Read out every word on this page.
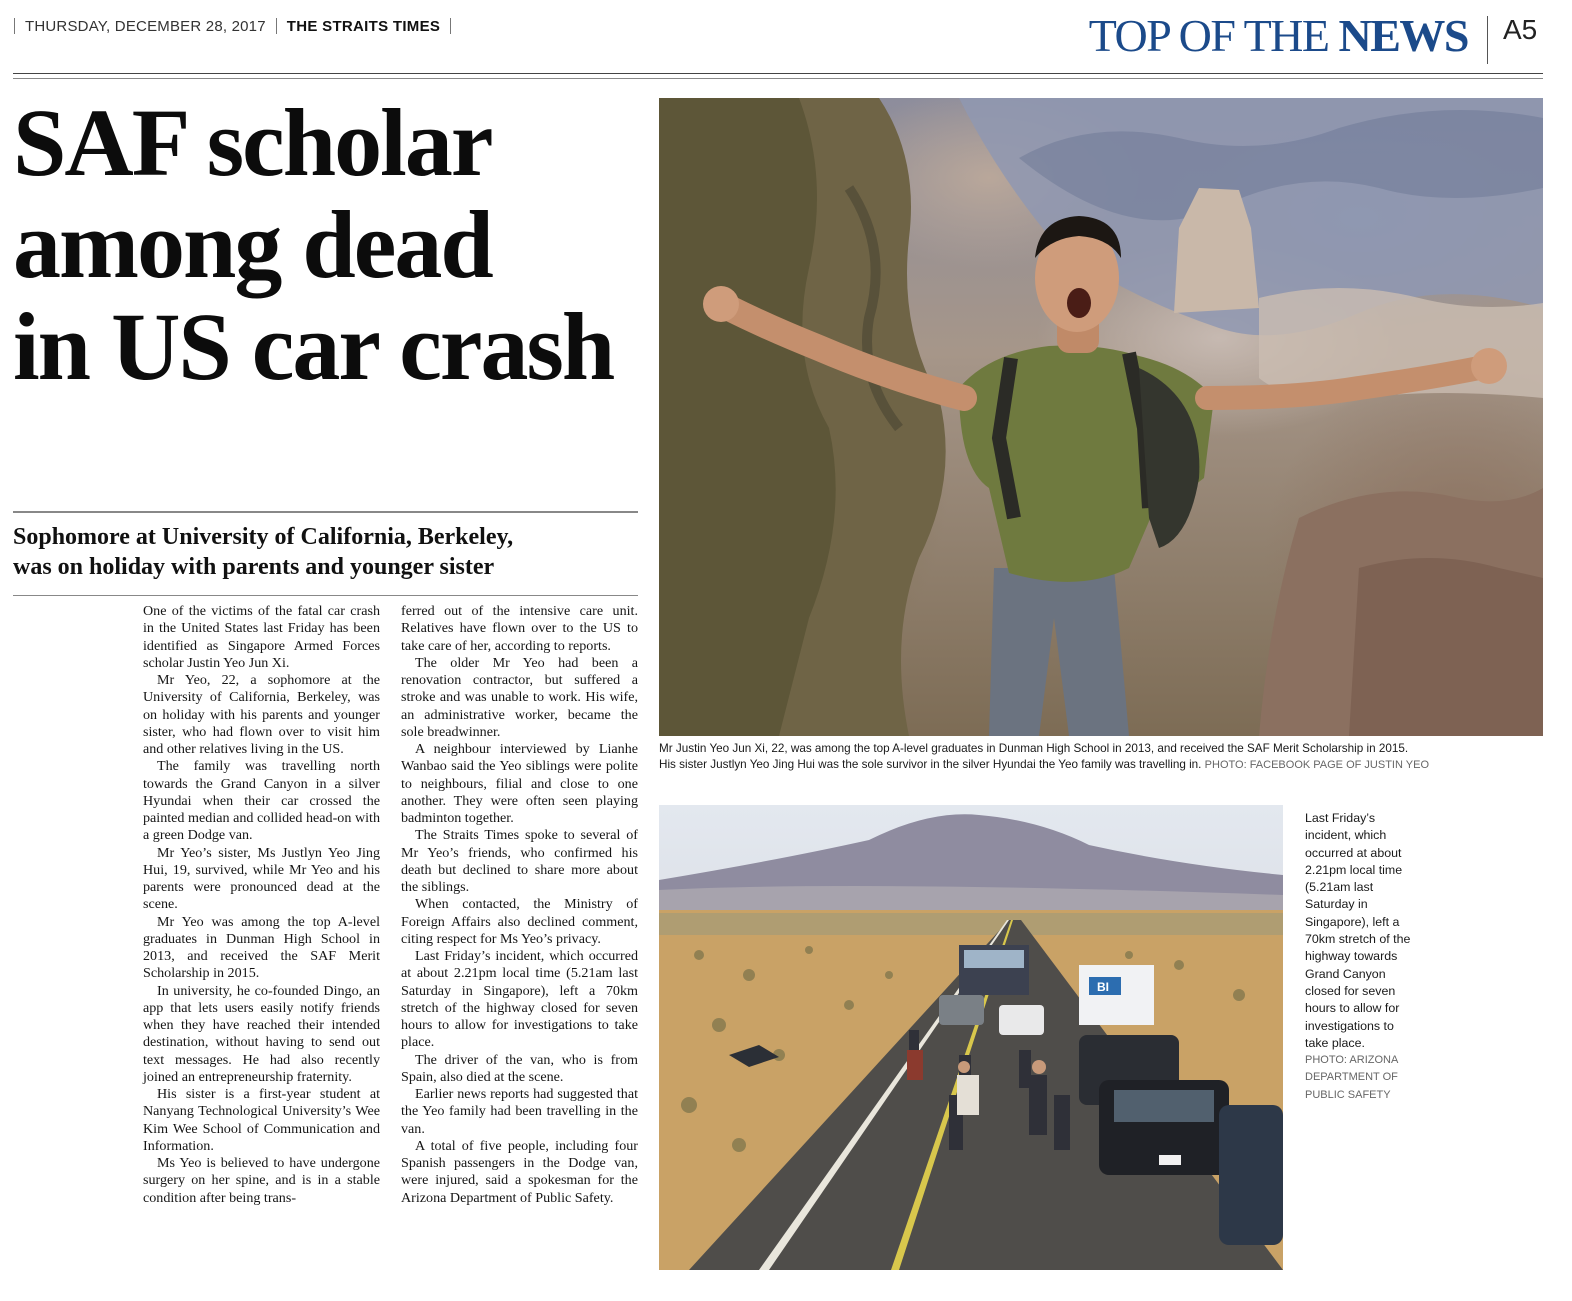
THURSDAY, DECEMBER 28, 2017 THE STRAITS TIMES	TOP OF THE NEWS A5
SAF scholar
among dead
in US car crash
Sophomore at University of California, Berkeley,
was on holiday with parents and younger sister

One of the victims of the fatal car crash in the United States last Friday has been identified as Singapore Armed Forces scholar Justin Yeo Jun Xi.

Mr Yeo, 22, a sophomore at the University of California, Berkeley, was on holiday with his parents and younger sister, who had flown over to visit him and other relatives living in the US.

The family was travelling north towards the Grand Canyon in a silver Hyundai when their car crossed the painted median and collided head-on with a green Dodge van.

Mr Yeo’s sister, Ms Justlyn Yeo Jing Hui, 19, survived, while Mr Yeo and his parents were pronounced dead at the scene.

Mr Yeo was among the top A-level graduates in Dunman High School in 2013, and received the SAF Merit Scholarship in 2015.

In university, he co-founded Dingo, an app that lets users easily notify friends when they have reached their intended destination, without having to send out text messages. He had also recently joined an entrepreneurship fraternity.

His sister is a first-year student at Nanyang Technological University’s Wee Kim Wee School of Communication and Information.

Ms Yeo is believed to have undergone surgery on her spine, and is in a stable condition after being trans-

ferred out of the intensive care unit. Relatives have flown over to the US to take care of her, according to reports.

The older Mr Yeo had been a renovation contractor, but suffered a stroke and was unable to work. His wife, an administrative worker, became the sole breadwinner.

A neighbour interviewed by Lianhe Wanbao said the Yeo siblings were polite to neighbours, filial and close to one another. They were often seen playing badminton together.

The Straits Times spoke to several of Mr Yeo’s friends, who confirmed his death but declined to share more about the siblings.

When contacted, the Ministry of Foreign Affairs also declined comment, citing respect for Ms Yeo’s privacy.

Last Friday’s incident, which occurred at about 2.21pm local time (5.21am last Saturday in Singapore), left a 70km stretch of the highway closed for seven hours to allow for investigations to take place.

The driver of the van, who is from Spain, also died at the scene.

Earlier news reports had suggested that the Yeo family had been travelling in the van.

A total of five people, including four Spanish passengers in the Dodge van, were injured, said a spokesman for the Arizona Department of Public Safety.

Mr Justin Yeo Jun Xi, 22, was among the top A-level graduates in Dunman High School in 2013, and received the SAF Merit Scholarship in 2015.
His sister Justlyn Yeo Jing Hui was the sole survivor in the silver Hyundai the Yeo family was travelling in. PHOTO: FACEBOOK PAGE OF JUSTIN YEO
BI
Last Friday’s incident, which occurred at about 2.21pm local time (5.21am last Saturday in Singapore), left a 70km stretch of the highway towards Grand Canyon closed for seven hours to allow for investigations to take place.
PHOTO: ARIZONA DEPARTMENT OF PUBLIC SAFETY
